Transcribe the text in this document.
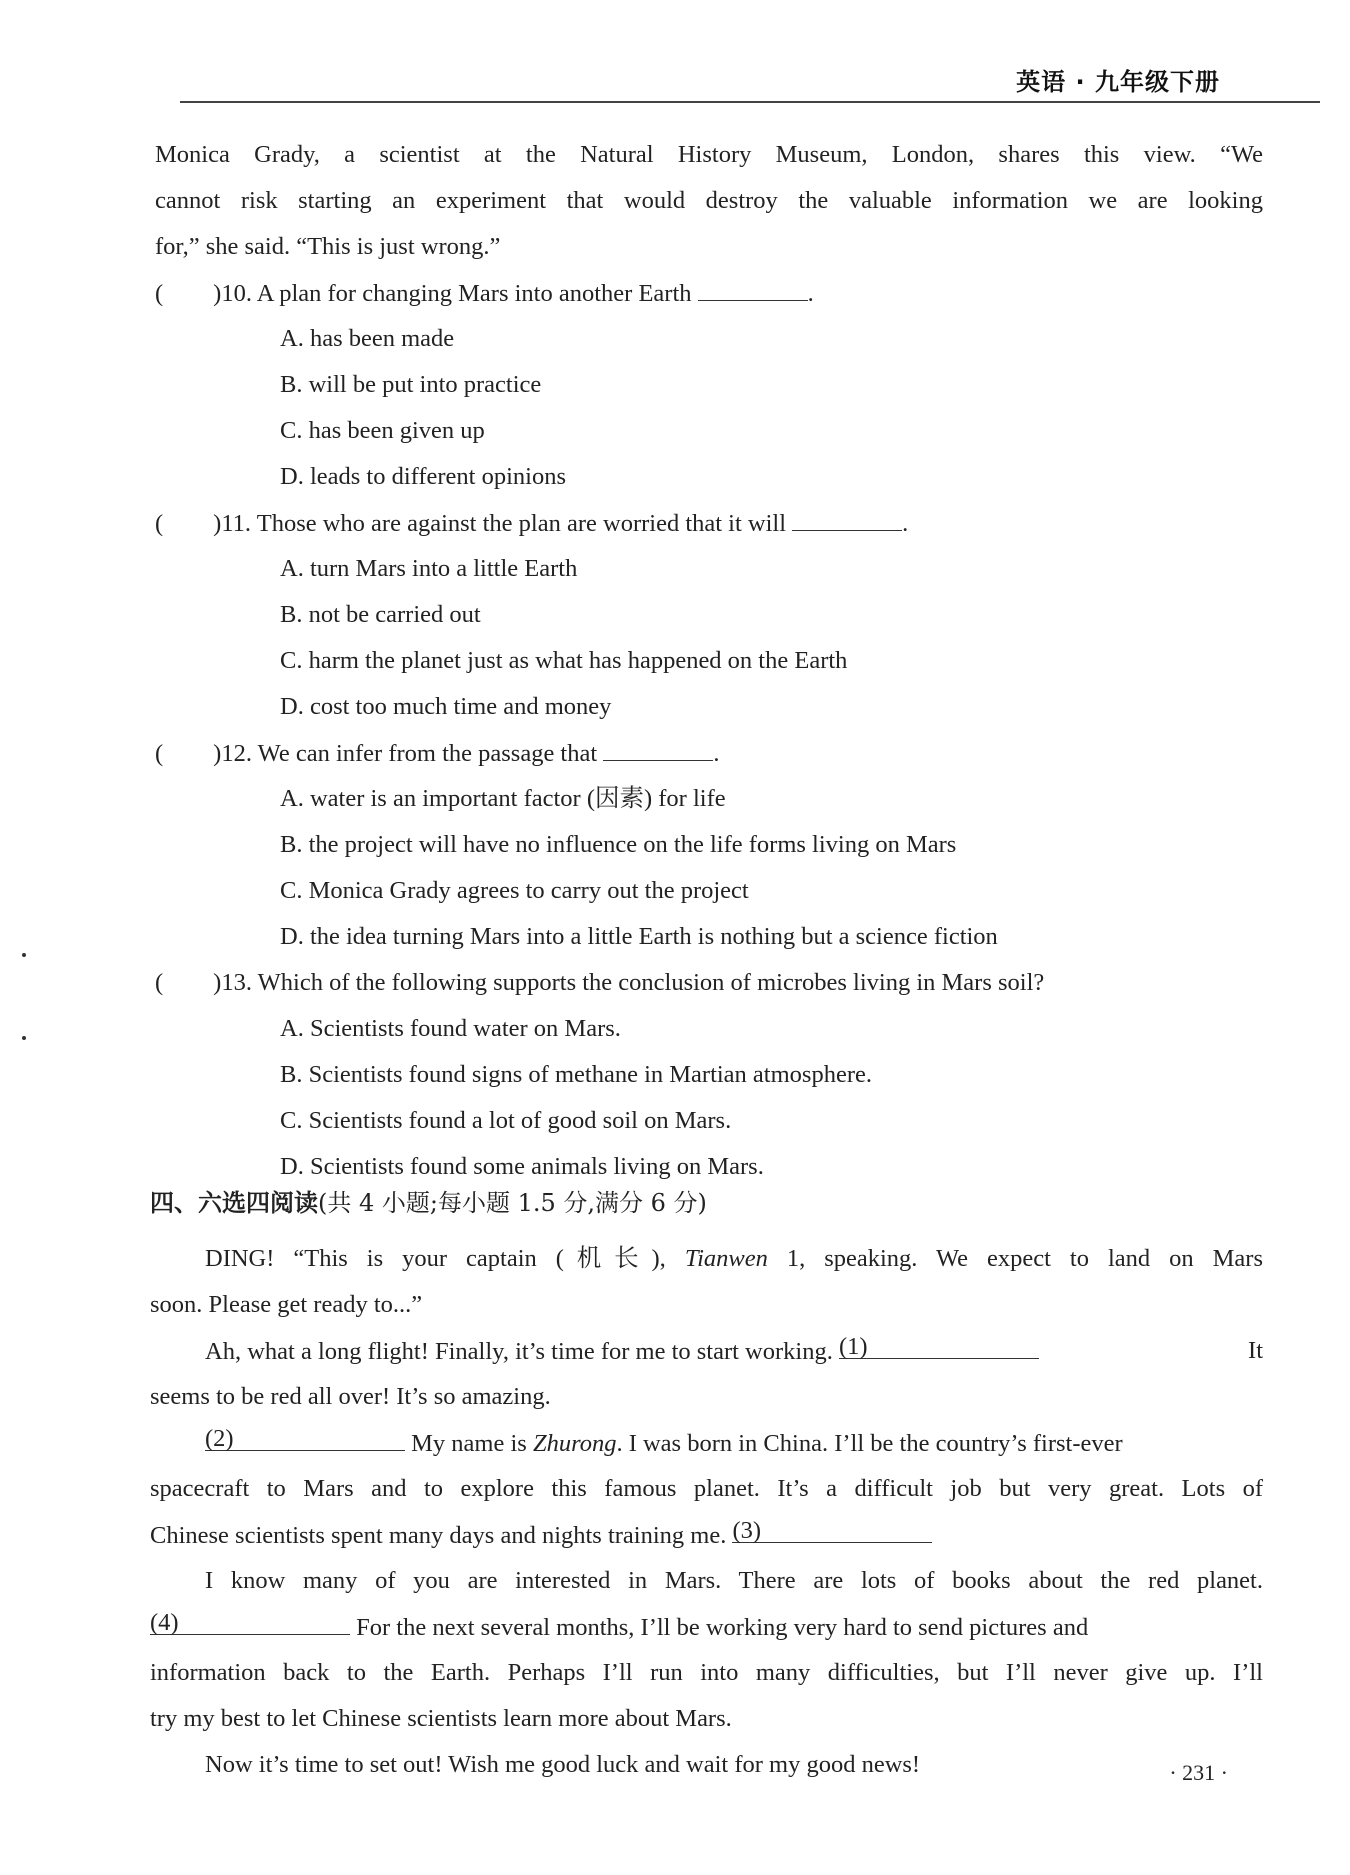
英语 · 九年级下册
Monica Grady, a scientist at the Natural History Museum, London, shares this view. “We
cannot risk starting an experiment that would destroy the valuable information we are looking
for,” she said. “This is just wrong.”
( )10. A plan for changing Mars into another Earth	.
A. has been made
B. will be put into practice
C. has been given up
D. leads to different opinions
( )11. Those who are against the plan are worried that it will	.
A. turn Mars into a little Earth
B. not be carried out
C. harm the planet just as what has happened on the Earth
D. cost too much time and money
( )12. We can infer from the passage that	.
A. water is an important factor (因素) for life
B. the project will have no influence on the life forms living on Mars
C. Monica Grady agrees to carry out the project
D. the idea turning Mars into a little Earth is nothing but a science fiction
( )13. Which of the following supports the conclusion of microbes living in Mars soil?
A. Scientists found water on Mars.
B. Scientists found signs of methane in Martian atmosphere.
C. Scientists found a lot of good soil on Mars.
D. Scientists found some animals living on Mars.
四、六选四阅读(共 4 小题;每小题 1.5 分,满分 6 分)
DING! “This is your captain (机长), Tianwen 1, speaking. We expect to land on Mars
soon. Please get ready to...”
Ah, what a long flight! Finally, it’s time for me to start working. (1)	It
seems to be red all over! It’s so amazing.
(2)	My name is Zhurong. I was born in China. I’ll be the country’s first-ever
spacecraft to Mars and to explore this famous planet. It’s a difficult job but very great. Lots of
Chinese scientists spent many days and nights training me. (3)
I know many of you are interested in Mars. There are lots of books about the red planet.
(4)	For the next several months, I’ll be working very hard to send pictures and
information back to the Earth. Perhaps I’ll run into many difficulties, but I’ll never give up. I’ll
try my best to let Chinese scientists learn more about Mars.
Now it’s time to set out! Wish me good luck and wait for my good news!	· 231 ·
